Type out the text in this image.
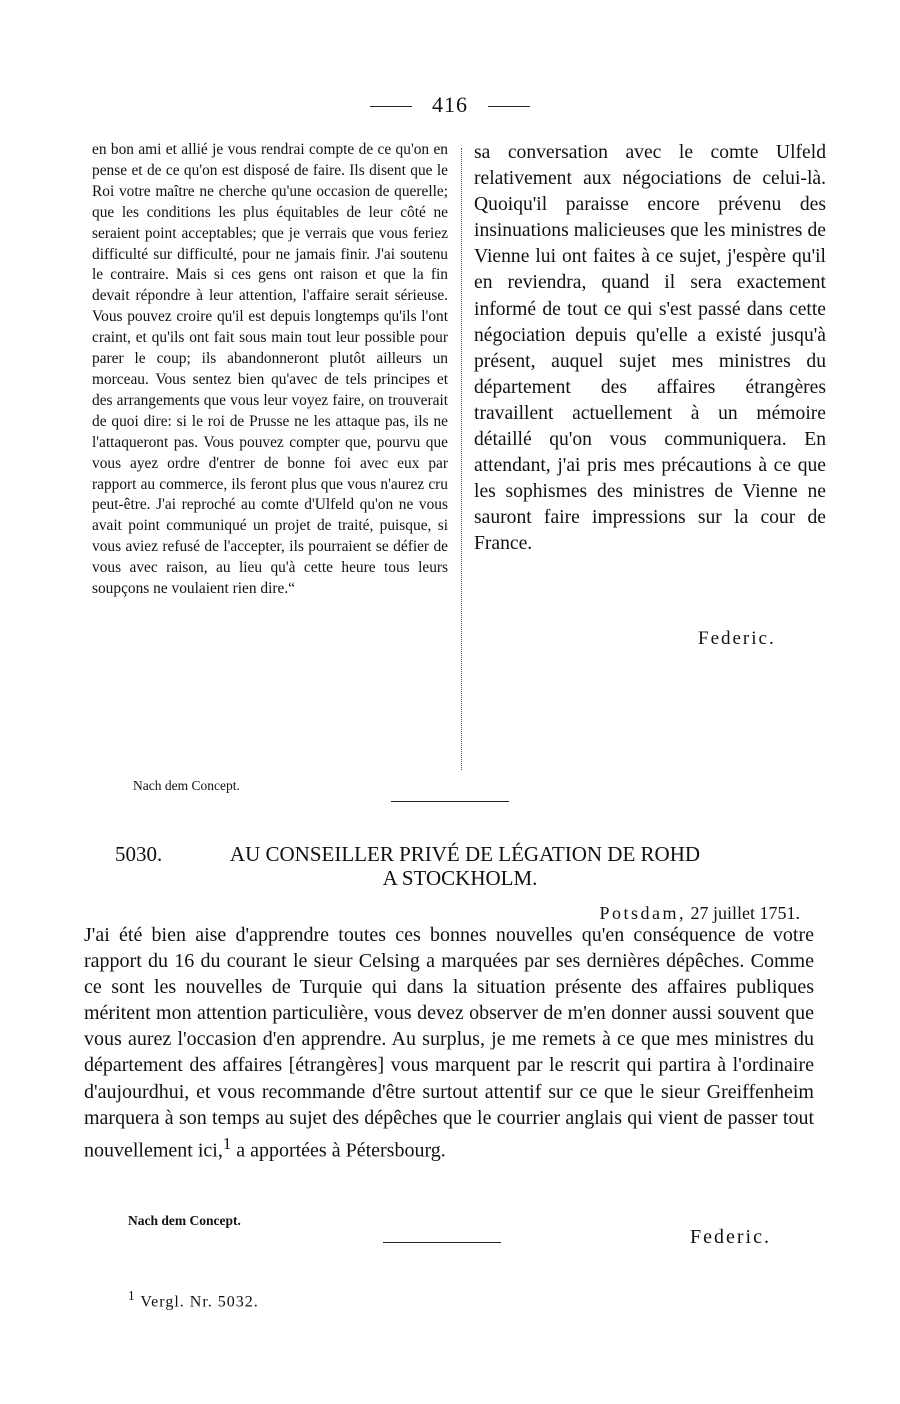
416
en bon ami et allié je vous rendrai compte de ce qu'on en pense et de ce qu'on est disposé de faire. Ils disent que le Roi votre maître ne cherche qu'une occasion de querelle; que les conditions les plus équitables de leur côté ne seraient point acceptables; que je verrais que vous feriez difficulté sur difficulté, pour ne jamais finir. J'ai soutenu le contraire. Mais si ces gens ont raison et que la fin devait répondre à leur attention, l'affaire serait sérieuse. Vous pouvez croire qu'il est depuis longtemps qu'ils l'ont craint, et qu'ils ont fait sous main tout leur possible pour parer le coup; ils abandonneront plutôt ailleurs un morceau. Vous sentez bien qu'avec de tels principes et des arrangements que vous leur voyez faire, on trouverait de quoi dire: si le roi de Prusse ne les attaque pas, ils ne l'attaqueront pas. Vous pouvez compter que, pourvu que vous ayez ordre d'entrer de bonne foi avec eux par rapport au commerce, ils feront plus que vous n'aurez cru peut-être. J'ai reproché au comte d'Ulfeld qu'on ne vous avait point communiqué un projet de traité, puisque, si vous aviez refusé de l'accepter, ils pourraient se défier de vous avec raison, au lieu qu'à cette heure tous leurs soupçons ne voulaient rien dire.“
sa conversation avec le comte Ulfeld relativement aux négociations de celui-là. Quoiqu'il paraisse encore prévenu des insinuations malicieuses que les ministres de Vienne lui ont faites à ce sujet, j'espère qu'il en reviendra, quand il sera exactement informé de tout ce qui s'est passé dans cette négociation depuis qu'elle a existé jusqu'à présent, auquel sujet mes ministres du département des affaires étrangères travaillent actuellement à un mémoire détaillé qu'on vous communiquera. En attendant, j'ai pris mes précautions à ce que les sophismes des ministres de Vienne ne sauront faire impressions sur la cour de France.
Federic.
Nach dem Concept.
5030.	AU CONSEILLER PRIVÉ DE LÉGATION DE ROHD
A STOCKHOLM.
Potsdam, 27 juillet 1751.
J'ai été bien aise d'apprendre toutes ces bonnes nouvelles qu'en conséquence de votre rapport du 16 du courant le sieur Celsing a marquées par ses dernières dépêches. Comme ce sont les nouvelles de Turquie qui dans la situation présente des affaires publiques méritent mon attention particulière, vous devez observer de m'en donner aussi souvent que vous aurez l'occasion d'en apprendre. Au surplus, je me remets à ce que mes ministres du département des affaires [étrangères] vous marquent par le rescrit qui partira à l'ordinaire d'aujourdhui, et vous recommande d'être surtout attentif sur ce que le sieur Greiffenheim marquera à son temps au sujet des dépêches que le courrier anglais qui vient de passer tout nouvellement ici,$^1$ a apportées à Pétersbourg.
Nach dem Concept.
Federic.
$^1$ Vergl. Nr. 5032.
